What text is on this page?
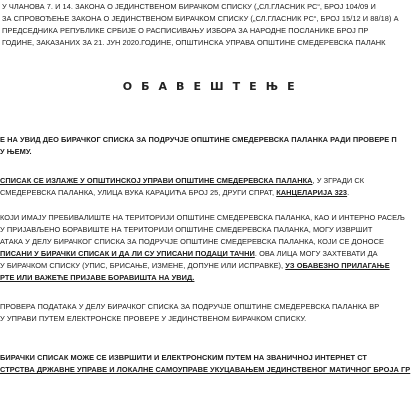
У ЧЛАНОВА 7. И 14. ЗАКОНА О ЈЕДИНСТВЕНОМ БИРАЧКОМ СПИСКУ („СЛ.ГЛАСНИК РС“, БРОЈ 104/09 И
ЗА СПРОВОЂЕЊЕ ЗАКОНА О ЈЕДИНСТВЕНОМ БИРАЧКОМ СПИСКУ („СЛ.ГЛАСНИК РС“, БРОЈ 15/12 И 88/18) А
ПРЕДСЕДНИКА РЕПУБЛИКЕ СРБИЈЕ О РАСПИСИВАЊУ ИЗБОРА ЗА НАРОДНЕ ПОСЛАНИКЕ БРОЈ ПР
ГОДИНЕ, ЗАКАЗАНИХ ЗА 21. ЈУН 2020.ГОДИНЕ, ОПШТИНСКА УПРАВА ОПШТИНЕ СМЕДЕРЕВСКА ПАЛАНК
О Б А В Е Ш Т Е Њ Е
Е НА УВИД ДЕО БИРАЧКОГ СПИСКА ЗА ПОДРУЧЈЕ ОПШТИНЕ СМЕДЕРЕВСКА ПАЛАНКА РАДИ ПРОВЕРЕ П
У ЊЕМУ.
СПИСАК СЕ ИЗЛАЖЕ У ОПШТИНСКОЈ УПРАВИ ОПШТИНЕ СМЕДЕРЕВСКА ПАЛАНКА, У ЗГРАДИ СК
СМЕДЕРЕВСКА ПАЛАНКА, УЛИЦА ВУКА КАРАЏИЋА БРОЈ 25, ДРУГИ СПРАТ, КАНЦЕЛАРИЈА 323.
КОЈИ ИМАЈУ ПРЕБИВАЛИШТЕ НА ТЕРИТОРИЈИ ОПШТИНЕ СМЕДЕРЕВСКА ПАЛАНКА, КАО И ИНТЕРНО РАСЕЉ
У ПРИЈАВЉЕНО БОРАВИШТЕ НА ТЕРИТОРИЈИ ОПШТИНЕ СМЕДЕРЕВСКА ПАЛАНКА, МОГУ ИЗВРШИТ
АТАКА У ДЕЛУ БИРАЧКОГ СПИСКА ЗА ПОДРУЧЈЕ ОПШТИНЕ СМЕДЕРЕВСКА ПАЛАНКА, КОЈИ СЕ ДОНОСЕ
ПИСАНИ У БИРАЧКИ СПИСАК И ДА ЛИ СУ УПИСАНИ ПОДАЦИ ТАЧНИ. ОВА ЛИЦА МОГУ ЗАХТЕВАТИ ДА
У БИРАЧКОМ СПИСКУ (УПИС, БРИСАЊЕ, ИЗМЕНЕ, ДОПУНЕ ИЛИ ИСПРАВКЕ), УЗ ОБАВЕЗНО ПРИЛАГАЊЕ
РТЕ ИЛИ ВАЖЕЋЕ ПРИЈАВЕ БОРАВИШТА НА УВИД.
ПРОВЕРА ПОДАТАКА У ДЕЛУ БИРАЧКОГ СПИСКА ЗА ПОДРУЧЈЕ ОПШТИНЕ СМЕДЕРЕВСКА ПАЛАНКА ВР
У УПРАВИ ПУТЕМ ЕЛЕКТРОНСКЕ ПРОВЕРЕ У ЈЕДИНСТВЕНОМ БИРАЧКОМ СПИСКУ.
БИРАЧКИ СПИСАК МОЖЕ СЕ ИЗВРШИТИ И ЕЛЕКТРОНСКИМ ПУТЕМ НА ЗВАНИЧНОЈ ИНТЕРНЕТ СТ
СТРСТВА ДРЖАВНЕ УПРАВЕ И ЛОКАЛНЕ САМОУПРАВЕ УКУЦАВАЊЕМ ЈЕДИНСТВЕНОГ МАТИЧНОГ БРОЈА ГР
